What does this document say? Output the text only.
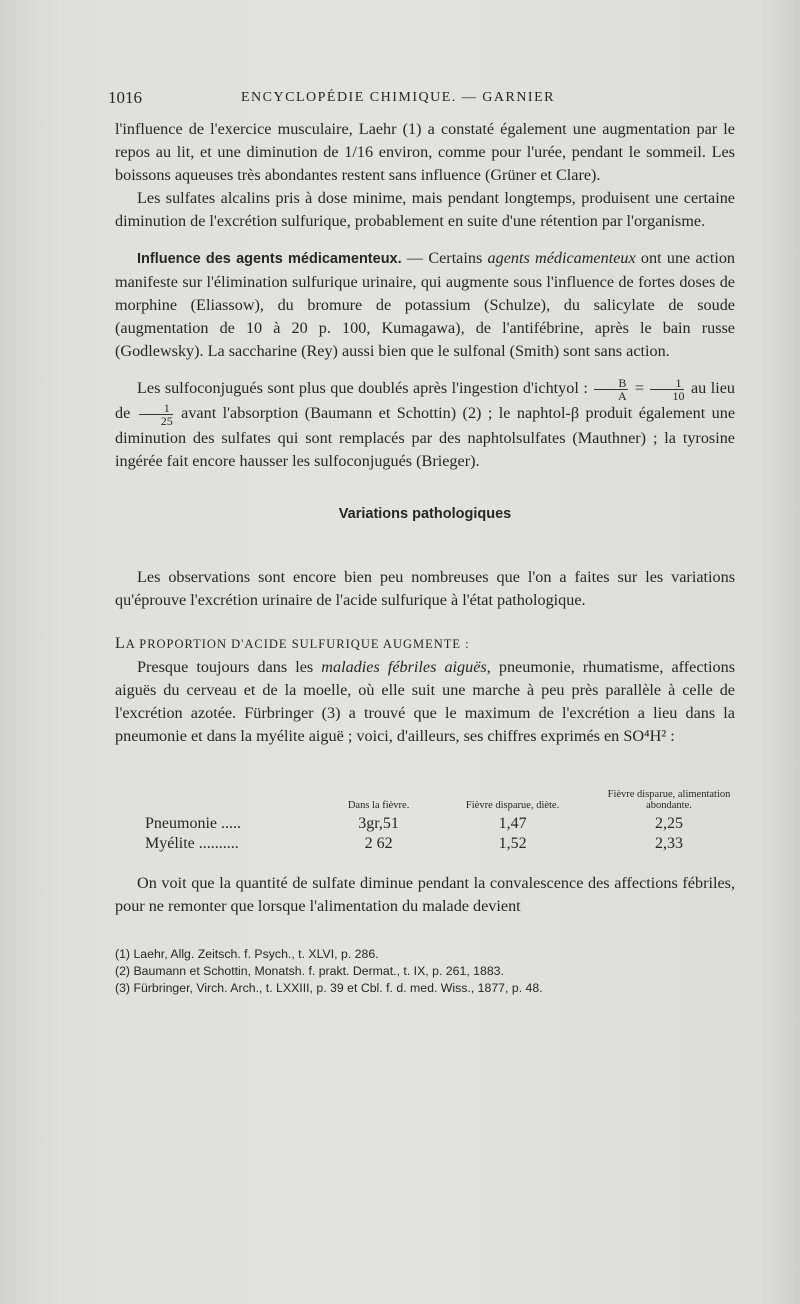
1016	ENCYCLOPÉDIE CHIMIQUE. — GARNIER

l'influence de l'exercice musculaire, Laehr (1) a constaté également une augmentation par le repos au lit, et une diminution de 1/16 environ, comme pour l'urée, pendant le sommeil. Les boissons aqueuses très abondantes restent sans influence (Grüner et Clare).

Les sulfates alcalins pris à dose minime, mais pendant longtemps, produisent une certaine diminution de l'excrétion sulfurique, probablement en suite d'une rétention par l'organisme.

Influence des agents médicamenteux. — Certains agents médicamenteux ont une action manifeste sur l'élimination sulfurique urinaire, qui augmente sous l'influence de fortes doses de morphine (Eliassow), du bromure de potassium (Schulze), du salicylate de soude (augmentation de 10 à 20 p. 100, Kumagawa), de l'antifébrine, après le bain russe (Godlewsky). La saccharine (Rey) aussi bien que le sulfonal (Smith) sont sans action.

Les sulfoconjugués sont plus que doublés après l'ingestion d'ichtyol : $\frac{B}{A} = \frac{1}{10}$ au lieu de $\frac{1}{25}$ avant l'absorption (Baumann et Schottin) (2) ; le naphtol-β produit également une diminution des sulfates qui sont remplacés par des naphtolsulfates (Mauthner) ; la tyrosine ingérée fait encore hausser les sulfoconjugués (Brieger).

Variations pathologiques

Les observations sont encore bien peu nombreuses que l'on a faites sur les variations qu'éprouve l'excrétion urinaire de l'acide sulfurique à l'état pathologique.

LA PROPORTION D'ACIDE SULFURIQUE AUGMENTE :

Presque toujours dans les maladies fébriles aiguës, pneumonie, rhumatisme, affections aiguës du cerveau et de la moelle, où elle suit une marche à peu près parallèle à celle de l'excrétion azotée. Fürbringer (3) a trouvé que le maximum de l'excrétion a lieu dans la pneumonie et dans la myélite aiguë ; voici, d'ailleurs, ses chiffres exprimés en SO⁴H² :

	Dans la fièvre.	Fièvre disparue, diète.	Fièvre disparue, alimentation abondante.
Pneumonie .....	3gr,51	1,47	2,25
Myélite ..........	2 62	1,52	2,33

On voit que la quantité de sulfate diminue pendant la convalescence des affections fébriles, pour ne remonter que lorsque l'alimentation du malade devient

(1) Laehr, Allg. Zeitsch. f. Psych., t. XLVI, p. 286.
(2) Baumann et Schottin, Monatsh. f. prakt. Dermat., t. IX, p. 261, 1883.
(3) Fürbringer, Virch. Arch., t. LXXIII, p. 39 et Cbl. f. d. med. Wiss., 1877, p. 48.
